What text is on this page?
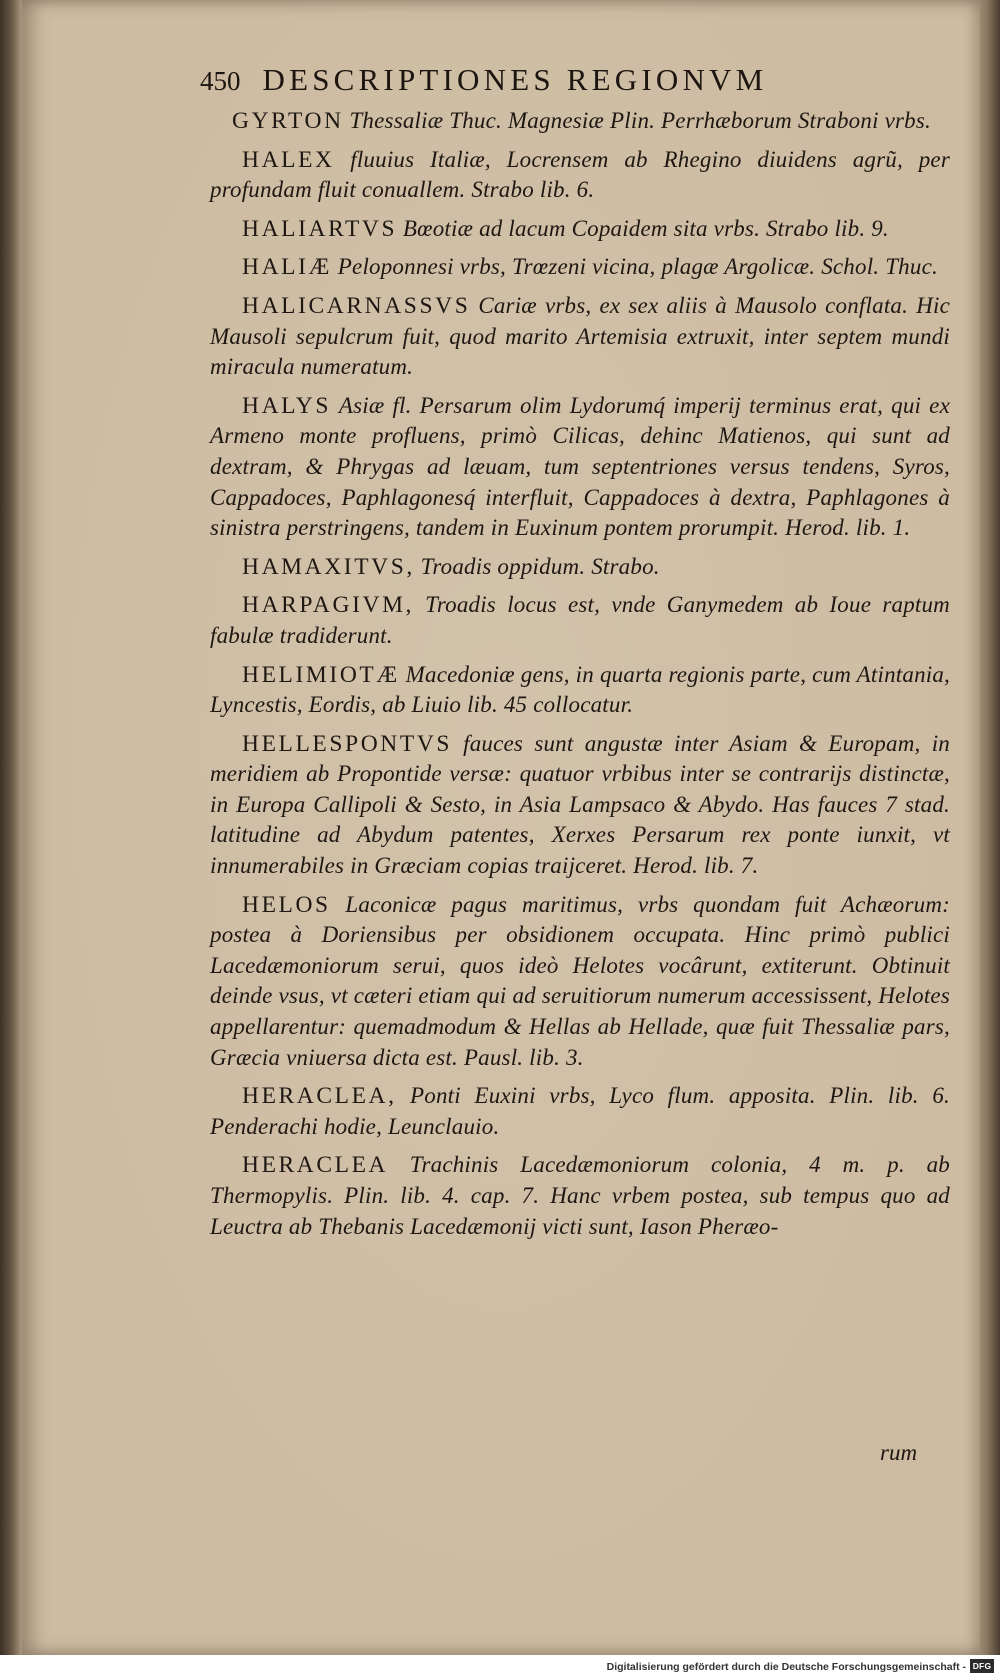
450 DESCRIPTIONES REGIONVM

GYRTON Thessaliæ Thuc. Magnesiæ Plin. Perrhæborum Straboni vrbs.

HALEX fluuius Italiæ, Locrensem ab Rhegino diuidens agrũ, per profundam fluit conuallem. Strabo lib. 6.

HALIARTVS Bœotiæ ad lacum Copaidem sita vrbs. Strabo lib. 9.

HALIÆ Peloponnesi vrbs, Trœzeni vicina, plagæ Argolicæ. Schol. Thuc.

HALICARNASSVS Cariæ vrbs, ex sex aliis à Mausolo conflata. Hic Mausoli sepulcrum fuit, quod marito Artemisia extruxit, inter septem mundi miracula numeratum.

HALYS Asiæ fl. Persarum olim Lydorumq́ imperij terminus erat, qui ex Armeno monte profluens, primò Cilicas, dehinc Matienos, qui sunt ad dextram, & Phrygas ad læuam, tum septentriones versus tendens, Syros, Cappadoces, Paphlagonesq́ interfluit, Cappadoces à dextra, Paphlagones à sinistra perstringens, tandem in Euxinum pontem prorumpit. Herod. lib. 1.

HAMAXITVS, Troadis oppidum. Strabo.

HARPAGIVM, Troadis locus est, vnde Ganymedem ab Ioue raptum fabulæ tradiderunt.

HELIMIOTÆ Macedoniæ gens, in quarta regionis parte, cum Atintania, Lyncestis, Eordis, ab Liuio lib. 45 collocatur.

HELLESPONTVS fauces sunt angustæ inter Asiam & Europam, in meridiem ab Propontide versæ: quatuor vrbibus inter se contrarijs distinctæ, in Europa Callipoli & Sesto, in Asia Lampsaco & Abydo. Has fauces 7 stad. latitudine ad Abydum patentes, Xerxes Persarum rex ponte iunxit, vt innumerabiles in Græciam copias traijceret. Herod. lib. 7.

HELOS Laconicæ pagus maritimus, vrbs quondam fuit Achæorum: postea à Doriensibus per obsidionem occupata. Hinc primò publici Lacedæmoniorum serui, quos ideò Helotes vocârunt, extiterunt. Obtinuit deinde vsus, vt cæteri etiam qui ad seruitiorum numerum accessissent, Helotes appellarentur: quemadmodum & Hellas ab Hellade, quæ fuit Thessaliæ pars, Græcia vniuersa dicta est. Pausl. lib. 3.

HERACLEA, Ponti Euxini vrbs, Lyco flum. apposita. Plin. lib. 6. Penderachi hodie, Leunclauio.

HERACLEA Trachinis Lacedæmoniorum colonia, 4 m. p. ab Thermopylis. Plin. lib. 4. cap. 7. Hanc vrbem postea, sub tempus quo ad Leuctra ab Thebanis Lacedæmonij victi sunt, Iason Pheræo-

rum
Digitalisierung gefördert durch die Deutsche Forschungsgemeinschaft - DFG
